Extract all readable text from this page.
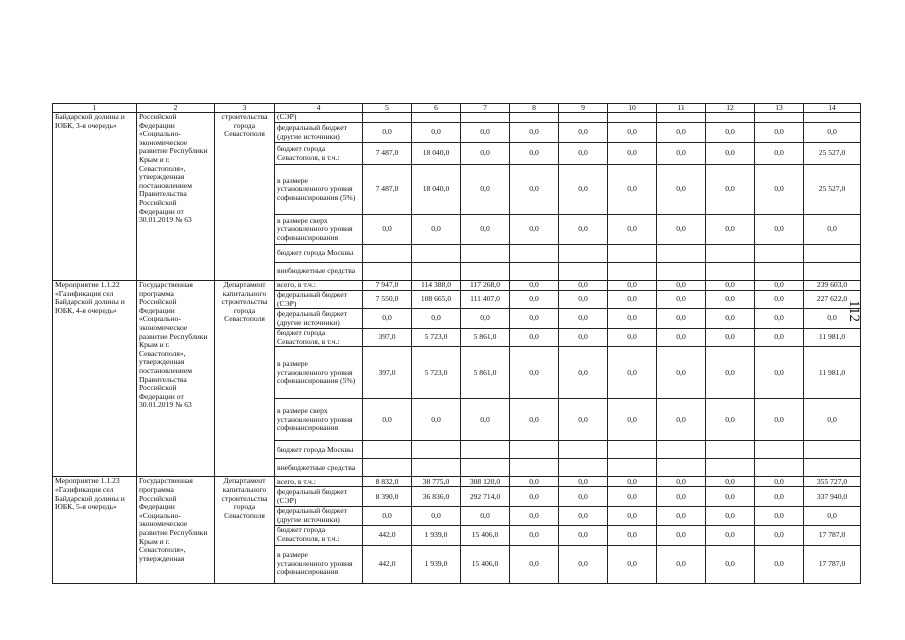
1	2	3	4	5	6	7	8	9	10	11	12	13	14
Байдарской долины и ЮБК, 3-я очередь»	Российской Федерации «Социально-экономическое развитие Республики Крым и г. Севастополя», утвержденная постановлением Правительства Российской Федерации от 30.01.2019 № 63	строительства города Севастополя	(СЭР)										
			федеральный бюджет (другие источники)	0,0	0,0	0,0	0,0	0,0	0,0	0,0	0,0	0,0	0,0
			бюджет города Севастополя, в т.ч.:	7 487,0	18 040,0	0,0	0,0	0,0	0,0	0,0	0,0	0,0	25 527,0
			в размере установленного уровня софинансирования (5%)	7 487,0	18 040,0	0,0	0,0	0,0	0,0	0,0	0,0	0,0	25 527,0
			в размере сверх установленного уровня софинансирования	0,0	0,0	0,0	0,0	0,0	0,0	0,0	0,0	0,0	0,0
			бюджет города Москвы										
			внебюджетные средства										
Мероприятие 1.1.22 «Газификация сел Байдарской долины и ЮБК, 4-я очередь»	Государственная программа Российской Федерации «Социально-экономическое развитие Республики Крым и г. Севастополя», утвержденная постановлением Правительства Российской Федерации от 30.01.2019 № 63	Департамент капитального строительства города Севастополя	всего, в т.ч.:	7 947,0	114 388,0	117 268,0	0,0	0,0	0,0	0,0	0,0	0,0	239 603,0
			федеральный бюджет (СЭР)	7 550,0	108 665,0	111 407,0	0,0	0,0	0,0	0,0	0,0	0,0	227 622,0
			федеральный бюджет (другие источники)	0,0	0,0	0,0	0,0	0,0	0,0	0,0	0,0	0,0	0,0
			бюджет города Севастополя, в т.ч.:	397,0	5 723,0	5 861,0	0,0	0,0	0,0	0,0	0,0	0,0	11 981,0
			в размере установленного уровня софинансирования (5%)	397,0	5 723,0	5 861,0	0,0	0,0	0,0	0,0	0,0	0,0	11 981,0
			в размере сверх установленного уровня софинансирования	0,0	0,0	0,0	0,0	0,0	0,0	0,0	0,0	0,0	0,0
			бюджет города Москвы										
			внебюджетные средства										
Мероприятие 1.1.23 «Газификация сел Байдарской долины и ЮБК, 5-я очередь»	Государственная программа Российской Федерации «Социально-экономическое развитие Республики Крым и г. Севастополя», утвержденная	Департамент капитального строительства города Севастополя	всего, в т.ч.:	8 832,0	38 775,0	308 120,0	0,0	0,0	0,0	0,0	0,0	0,0	355 727,0
			федеральный бюджет (СЭР)	8 390,0	36 836,0	292 714,0	0,0	0,0	0,0	0,0	0,0	0,0	337 940,0
			федеральный бюджет (другие источники)	0,0	0,0	0,0	0,0	0,0	0,0	0,0	0,0	0,0	0,0
			бюджет города Севастополя, в т.ч.:	442,0	1 939,0	15 406,0	0,0	0,0	0,0	0,0	0,0	0,0	17 787,0
			в размере установленного уровня софинансирования	442,0	1 939,0	15 406,0	0,0	0,0	0,0	0,0	0,0	0,0	17 787,0
112
